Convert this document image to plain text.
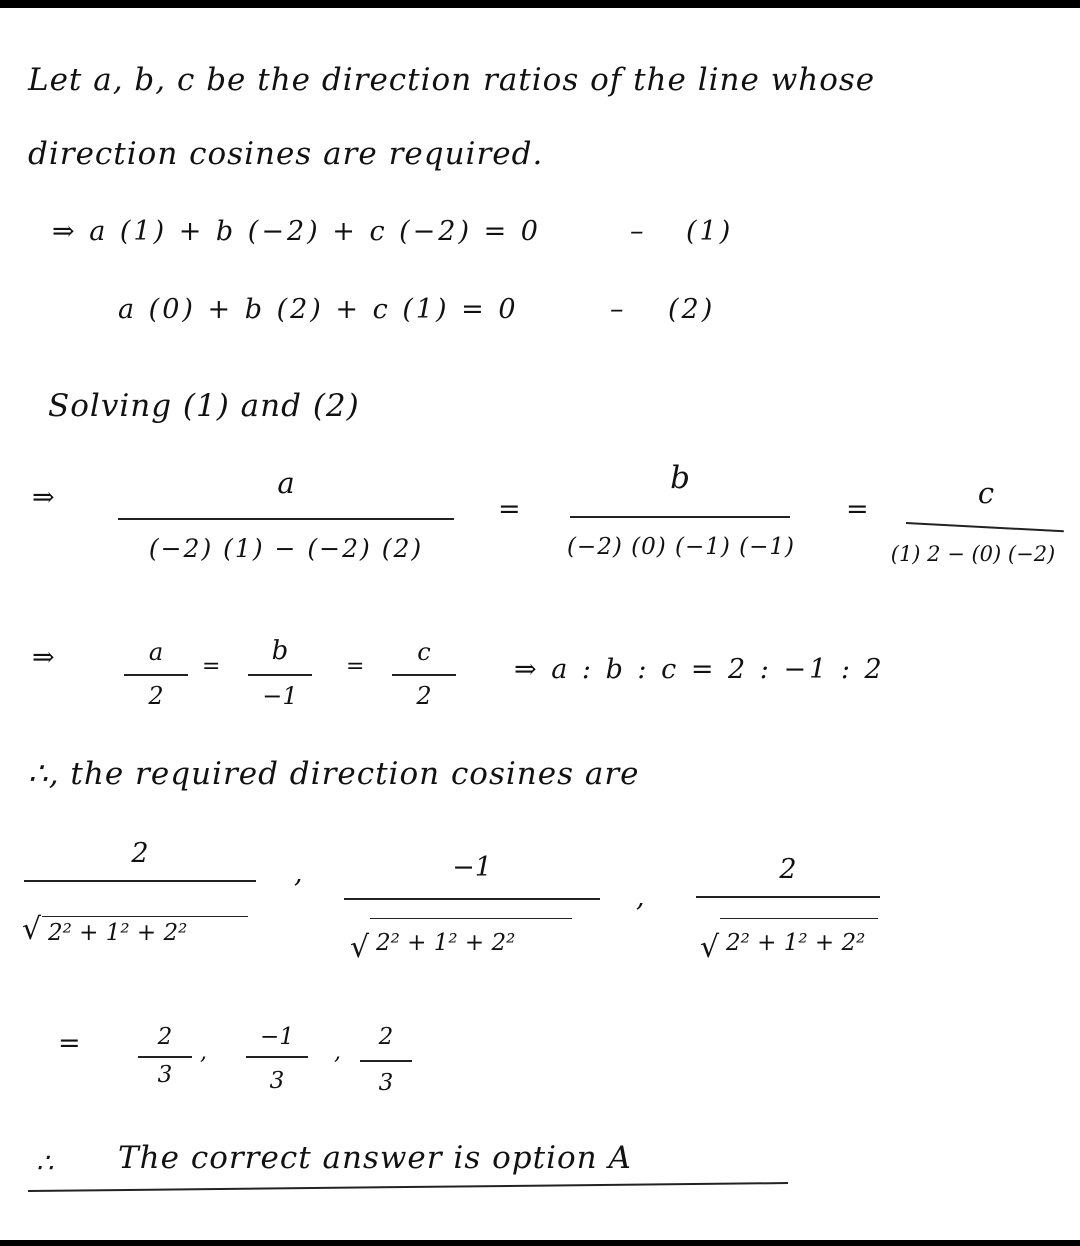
Let a, b, c be the direction ratios of the line whose
direction cosines are required.
⇒ a (1) + b (−2) + c (−2) = 0	– (1)
a (0) + b (2) + c (1) = 0	– (2)
Solving (1) and (2)
⇒	a
(−2) (1) − (−2) (2)
=
b
(−2) (0) (−1) (−1)
=	c
(1) 2 − (0) (−2)
⇒	a
2
=
b
−1
=
c
2
⇒ a : b : c = 2 : −1 : 2
∴, the required direction cosines are
2
√ 2² + 1² + 2²
,	−1
√ 2² + 1² + 2²
,
2
√ 2² + 1² + 2²
=	2
3
,
−1
3
,
2
3
∴ The correct answer is option A
